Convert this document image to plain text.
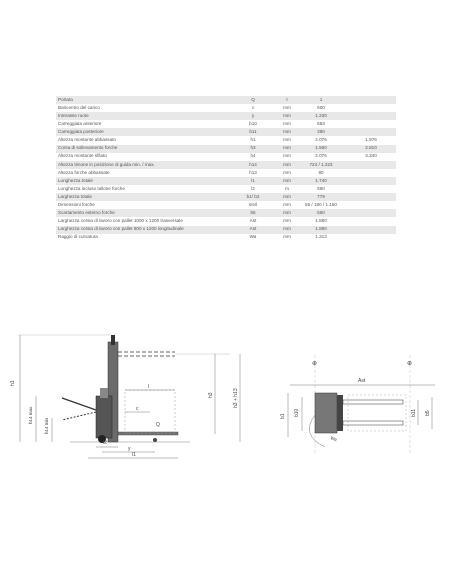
Portata	Q	t	1	
Baricentro del carico	c	mm	600	
Interasse ruote	y	mm	1.230	
Carreggiata anteriore	b10	mm	693	
Carreggiata posteriore	b11	mm	380	
Altezza montante abbassato	h1	mm	2.076	1.976
Corsa di sollevamento forche	h3	mm	1.560	2.810
Altezza montante sfilato	h4	mm	2.076	3.340
Altezza timone in posizione di guida min. / max.	h14	mm	724 / 1.223	
Altezza forche abbassate	h13	mm	90	
Lunghezza totale	l1	mm	1.740	
Lunghezza incluso tallone forche	l2	m	590	
Larghezza totale	b1/ b2	mm	779	
Dimensioni forche	s/e/l	mm	55 / 180 / 1.150	
Scartamento esterno forche	b5	mm	560	
Larghezza corsia di lavoro con pallet 1000 x 1200 trasversale	Ast	mm	1.880	
Larghezza corsia di lavoro con pallet 800 x 1200 longitudinale	Ast	mm	1.890	
Raggio di curvatura	Wa	mm	1.313	
h1
h14 max
h14 min
h3	h3 + h13
l
c
Q
l2
y
l1
⊕	⊕
Ast
Wa
b1 b10	b11 b5
